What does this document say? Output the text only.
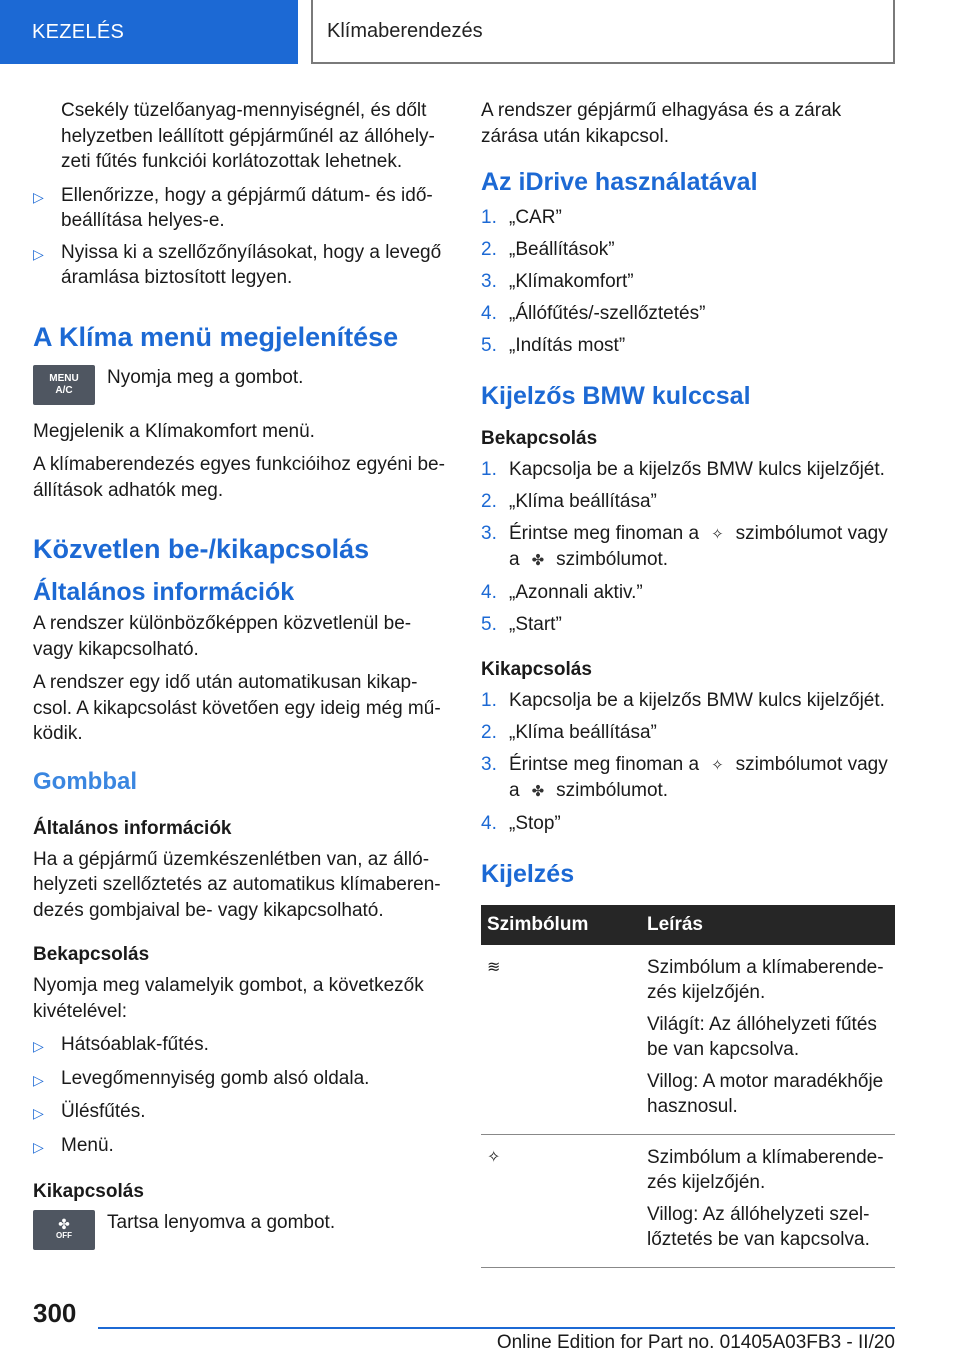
KEZELÉS	Klímaberendezés

Csekély tüzelőanyag-mennyiségnél, és dőlt helyzetben leállított gépjárműnél az állóhely-zeti fűtés funkciói korlátozottak lehetnek.

▷ Ellenőrizze, hogy a gépjármű dátum- és idő-beállítása helyes-e.
▷ Nyissa ki a szellőzőnyílásokat, hogy a levegő áramlása biztosított legyen.
A Klíma menü megjelenítése
MENU
A/C
Nyomja meg a gombot.

Megjelenik a Klímakomfort menü.

A klímaberendezés egyes funkcióihoz egyéni be-állítások adhatók meg.

Közvetlen be-/kikapcsolás
Általános információk

A rendszer különbözőképpen közvetlenül be- vagy kikapcsolható.

A rendszer egy idő után automatikusan kikap-csol. A kikapcsolást követően egy ideig még mű-ködik.

Gombbal
Általános információk

Ha a gépjármű üzemkészenlétben van, az álló-helyzeti szellőztetés az automatikus klímaberen-dezés gombjaival be- vagy kikapcsolható.

Bekapcsolás

Nyomja meg valamelyik gombot, a következők kivételével:

▷ Hátsóablak-fűtés.
▷ Levegőmennyiség gomb alsó oldala.
▷ Ülésfűtés.
▷ Menü.
Kikapcsolás
✤
OFF
Tartsa lenyomva a gombot.

A rendszer gépjármű elhagyása és a zárak zárása után kikapcsol.

Az iDrive használatával
1. „CAR”
2. „Beállítások”
3. „Klímakomfort”
4. „Állófűtés/-szellőztetés”
5. „Indítás most”
Kijelzős BMW kulccsal
Bekapcsolás
1. Kapcsolja be a kijelzős BMW kulcs kijelzőjét.
2. „Klíma beállítása”
3. Érintse meg finoman a ✧ szimbólumot vagy
a ✤ szimbólumot.
4. „Azonnali aktiv.”
5. „Start”
Kikapcsolás
1. Kapcsolja be a kijelzős BMW kulcs kijelzőjét.
2. „Klíma beállítása”
3. Érintse meg finoman a ✧ szimbólumot vagy
a ✤ szimbólumot.
4. „Stop”
Kijelzés
Szimbólum	Leírás
≋	Szimbólum a klímaberende-zés kijelzőjén.

Világít: Az állóhelyzeti fűtés be van kapcsolva.

Villog: A motor maradékhője hasznosul.

✧	Szimbólum a klímaberende-zés kijelzőjén.

Villog: Az állóhelyzeti szel-lőztetés be van kapcsolva.

300
Online Edition for Part no. 01405A03FB3 - II/20
